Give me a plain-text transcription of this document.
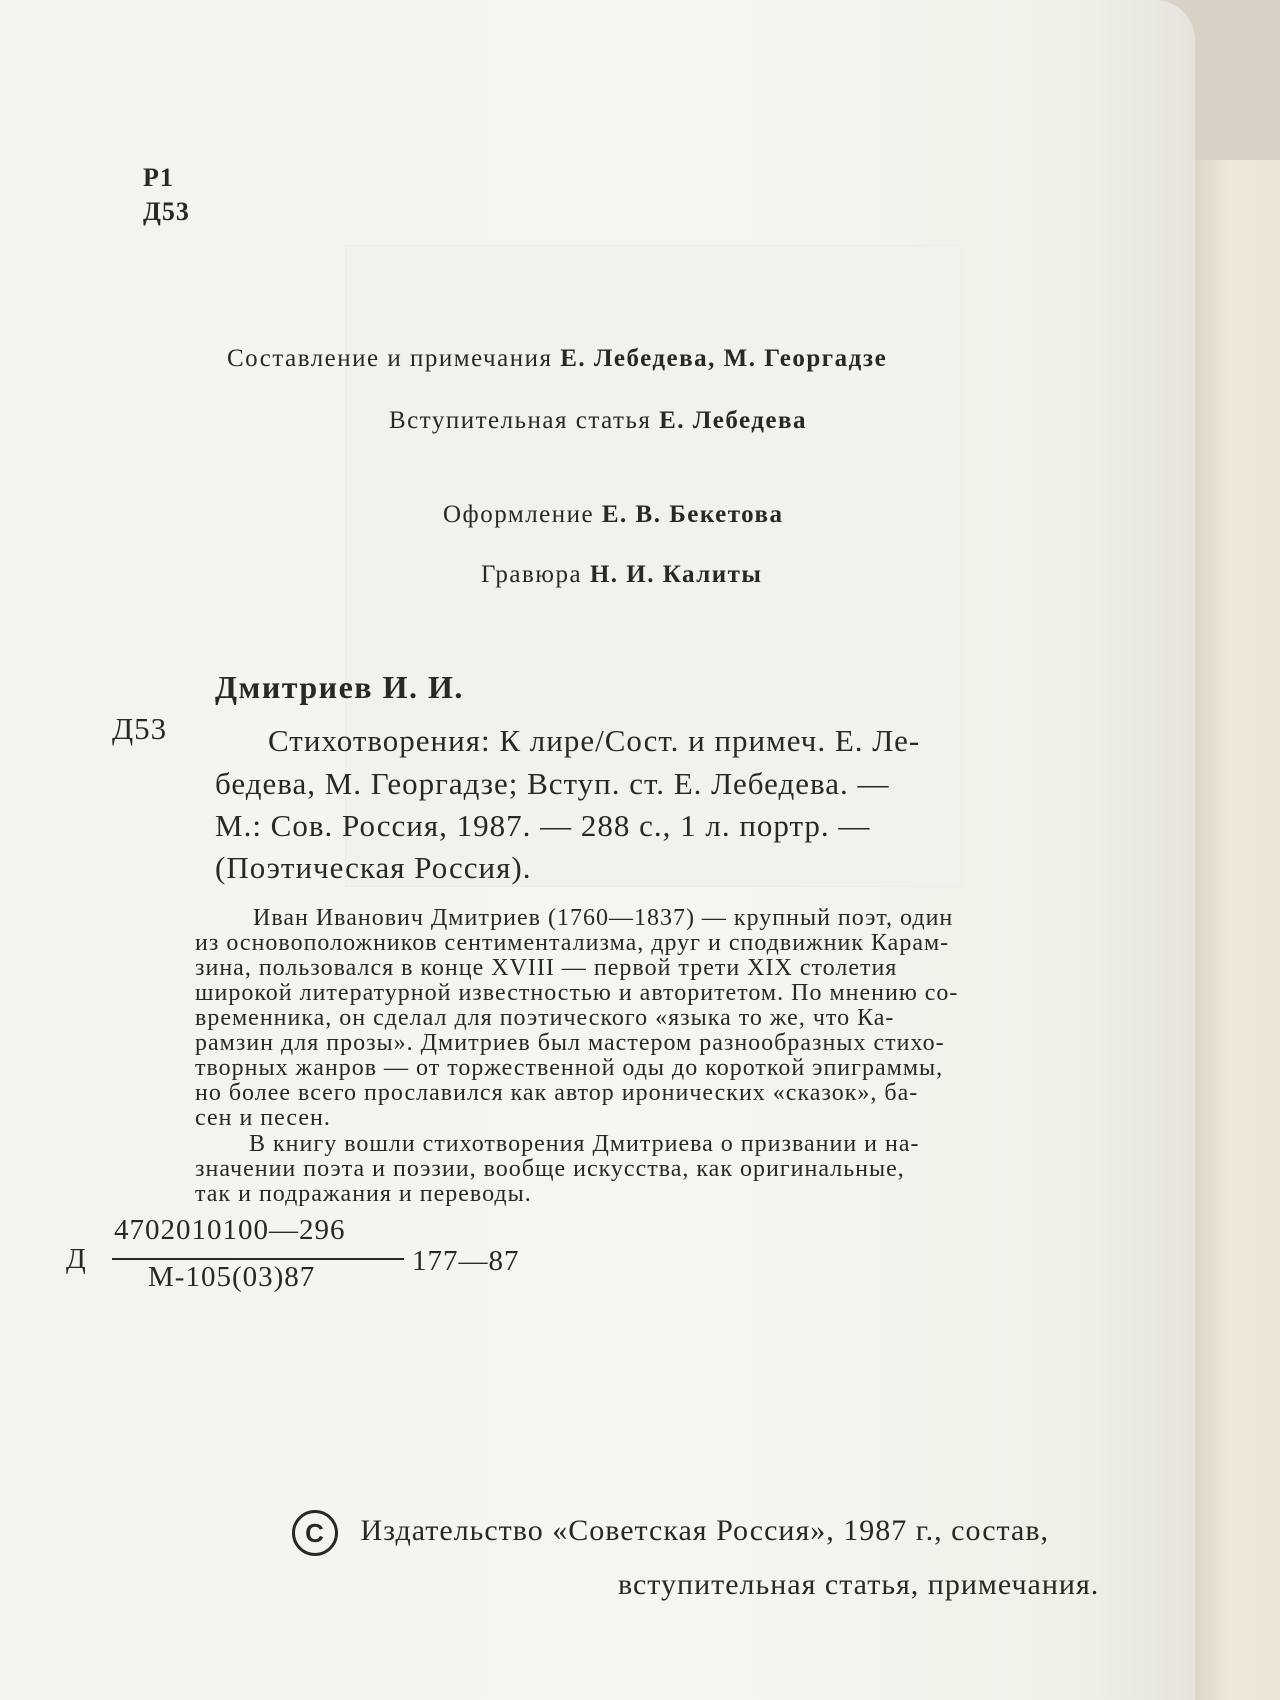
Р1

Д53

Составление и примечания Е. Лебедева, М. Георгадзе

Вступительная статья Е. Лебедева

Оформление Е. В. Бекетова

Гравюра Н. И. Калиты

Дмитриев И. И.

Д53	Стихотворения: К лире/Сост. и примеч. Е. Ле-

бедева, М. Георгадзе; Вступ. ст. Е. Лебедева. —

М.: Сов. Россия, 1987. — 288 с., 1 л. портр. —

(Поэтическая Россия).

Иван Иванович Дмитриев (1760—1837) — крупный поэт, один

из основоположников сентиментализма, друг и сподвижник Карам-

зина, пользовался в конце XVIII — первой трети XIX столетия

широкой литературной известностью и авторитетом. По мнению со-

временника, он сделал для поэтического «языка то же, что Ка-

рамзин для прозы». Дмитриев был мастером разнообразных стихо-

творных жанров — от торжественной оды до короткой эпиграммы,

но более всего прославился как автор иронических «сказок», ба-

сен и песен.

В книгу вошли стихотворения Дмитриева о призвании и на-

значении поэта и поэзии, вообще искусства, как оригинальные,

так и подражания и переводы.

Д

4702010100—296

М-105(03)87	177—87

C Издательство «Советская Россия», 1987 г., состав,

вступительная статья, примечания.
